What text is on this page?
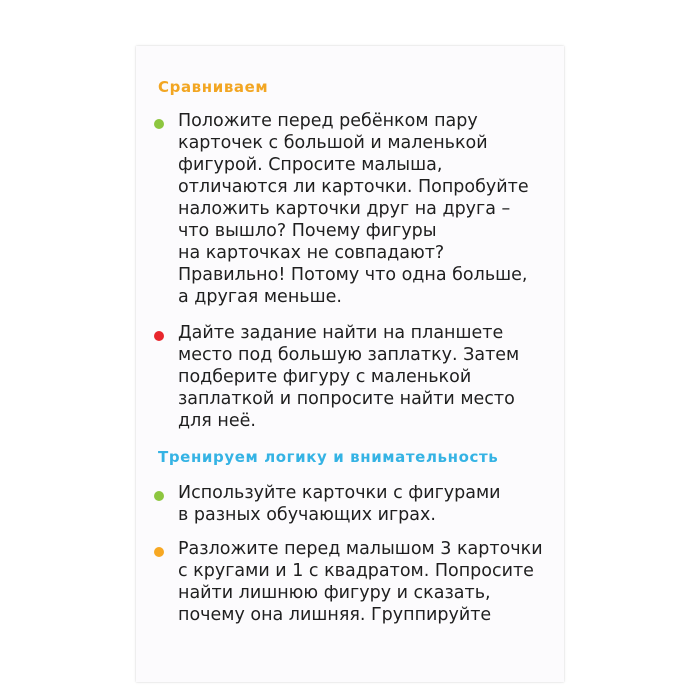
Сравниваем
Положите перед ребёнком пару
карточек с большой и маленькой
фигурой. Спросите малыша,
отличаются ли карточки. Попробуйте
наложить карточки друг на друга –
что вышло? Почему фигуры
на карточках не совпадают?
Правильно! Потому что одна больше,
а другая меньше.
Дайте задание найти на планшете
место под большую заплатку. Затем
подберите фигуру с маленькой
заплаткой и попросите найти место
для неё.
Тренируем логику и внимательность
Используйте карточки с фигурами
в разных обучающих играх.
Разложите перед малышом 3 карточки
с кругами и 1 с квадратом. Попросите
найти лишнюю фигуру и сказать,
почему она лишняя. Группируйте
